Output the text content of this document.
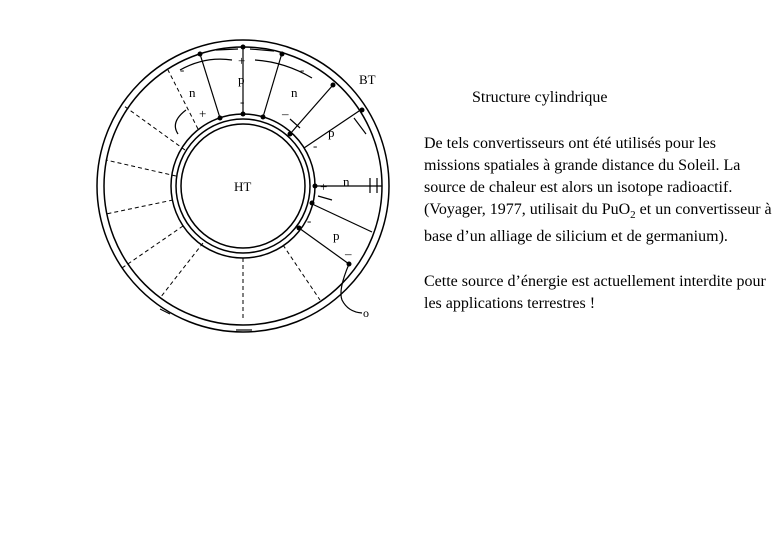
BT
HT
p
n	n
p
n
p
+
-	-
+
-
–
-
+
-
–
o
Structure cylindrique
De tels convertisseurs ont été utilisés pour les missions spatiales à grande distance du Soleil. La source de chaleur est alors un isotope radioactif. (Voyager, 1977, utilisait du PuO$_2$ et un convertisseur à base d’un alliage de silicium et de germanium).
Cette source d’énergie est actuellement interdite pour les applications terrestres !
